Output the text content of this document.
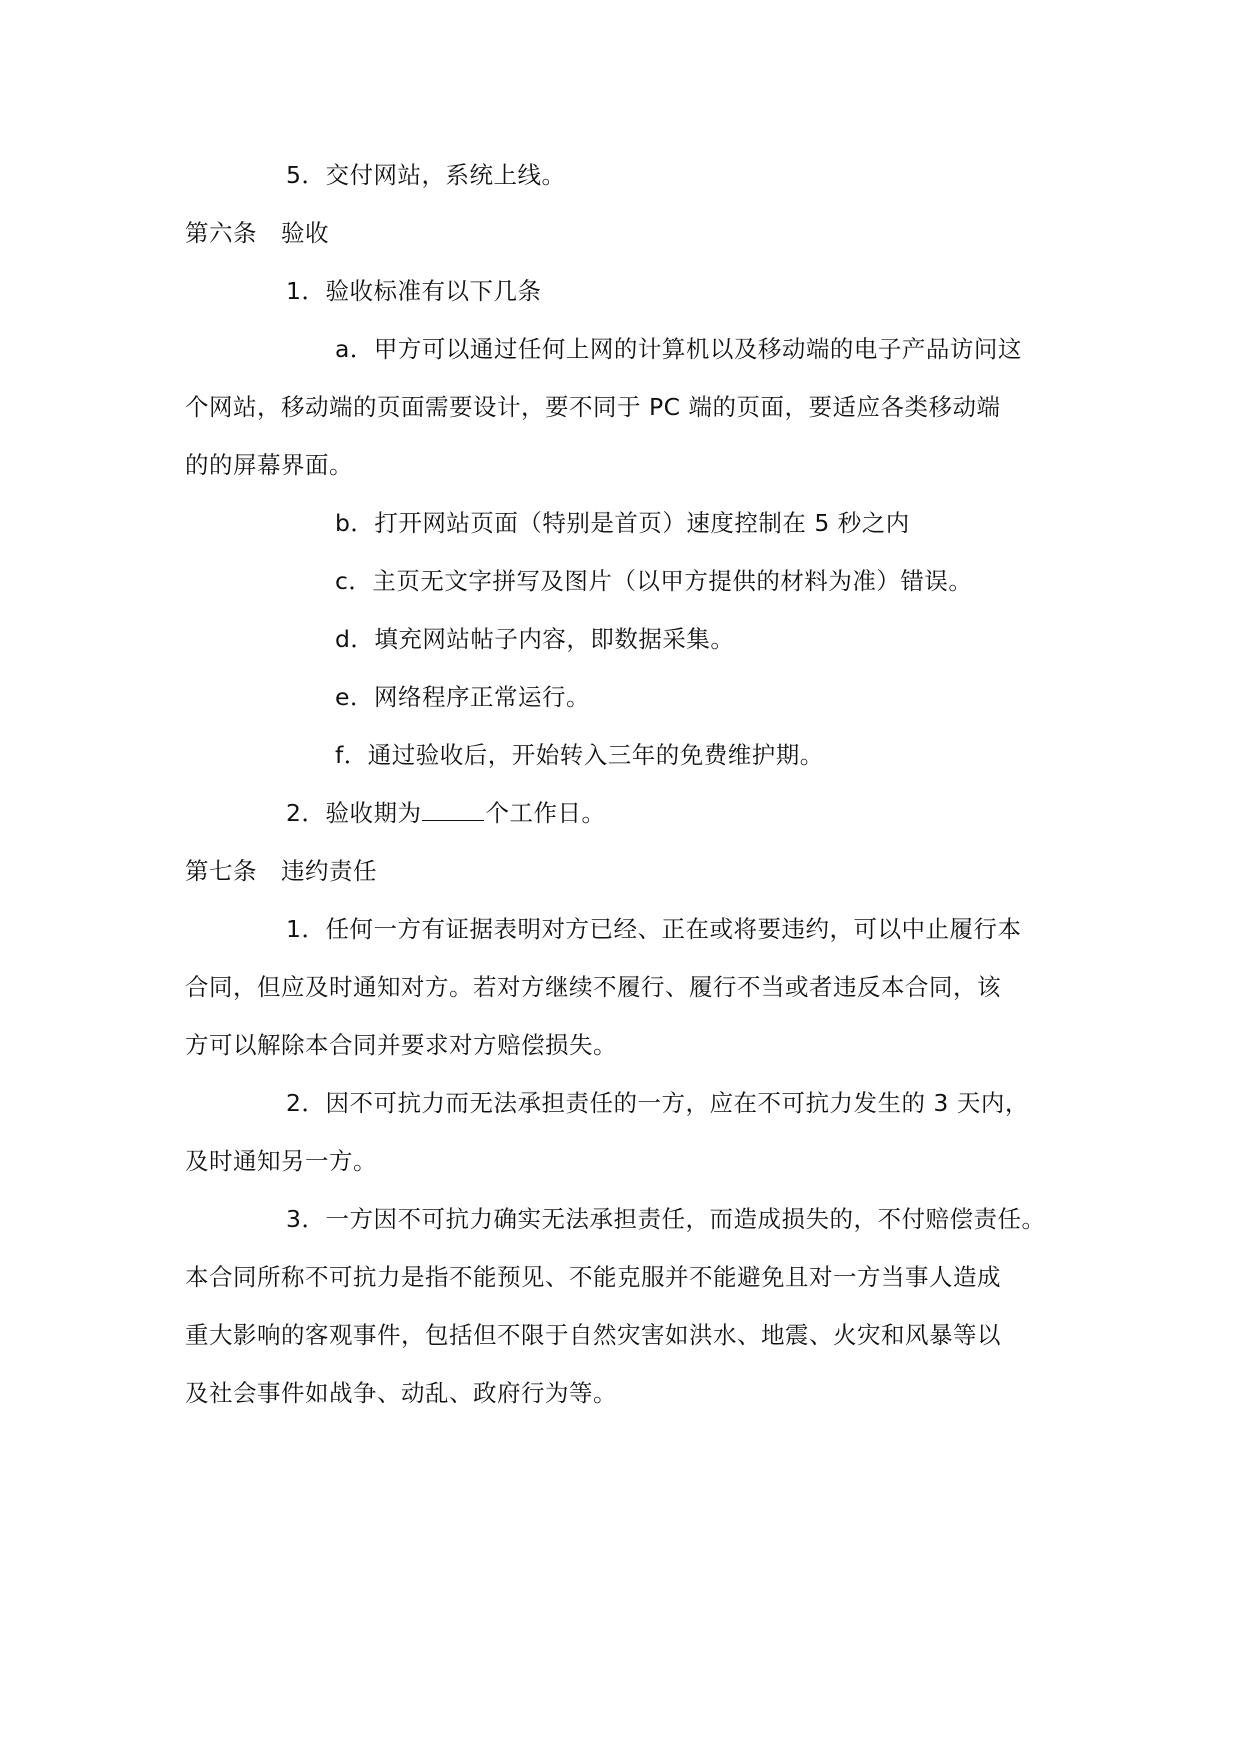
5．交付网站，系统上线。
第六条 验收
1．验收标准有以下几条
a．甲方可以通过任何上网的计算机以及移动端的电子产品访问这
个网站，移动端的页面需要设计，要不同于 PC 端的页面，要适应各类移动端
的的屏幕界面。
b．打开网站页面（特别是首页）速度控制在 5 秒之内
c．主页无文字拼写及图片（以甲方提供的材料为准）错误。
d．填充网站帖子内容，即数据采集。
e．网络程序正常运行。
f．通过验收后，开始转入三年的免费维护期。
2．验收期为	个工作日。
第七条 违约责任
1．任何一方有证据表明对方已经、正在或将要违约，可以中止履行本
合同，但应及时通知对方。若对方继续不履行、履行不当或者违反本合同，该
方可以解除本合同并要求对方赔偿损失。
2．因不可抗力而无法承担责任的一方，应在不可抗力发生的 3 天内，
及时通知另一方。
3．一方因不可抗力确实无法承担责任，而造成损失的，不付赔偿责任。
本合同所称不可抗力是指不能预见、不能克服并不能避免且对一方当事人造成
重大影响的客观事件，包括但不限于自然灾害如洪水、地震、火灾和风暴等以
及社会事件如战争、动乱、政府行为等。
